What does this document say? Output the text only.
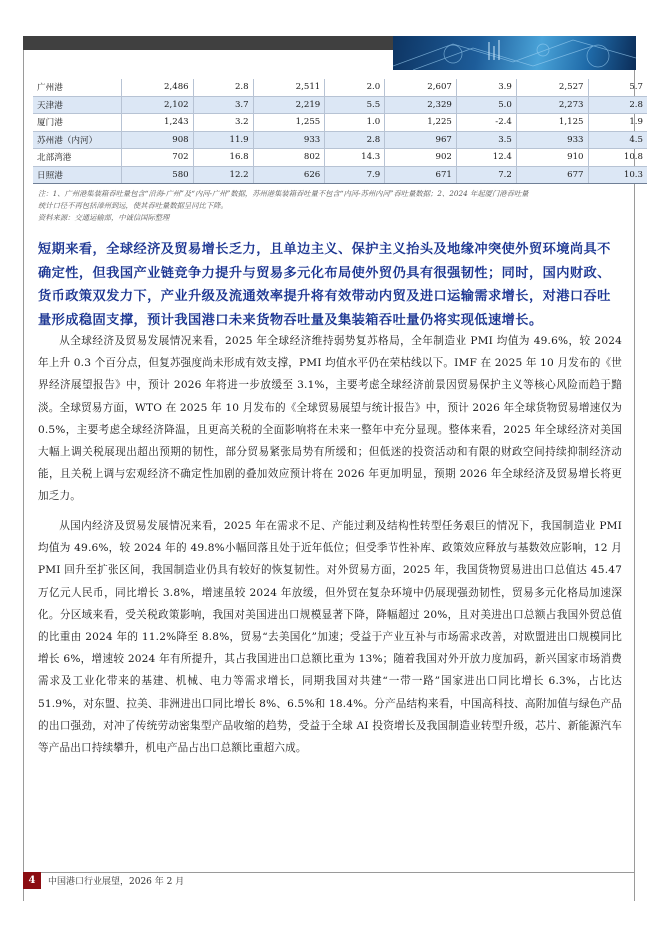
广州港	2,486	2.8	2,511	2.0	2,607	3.9	2,527	5.7
天津港	2,102	3.7	2,219	5.5	2,329	5.0	2,273	2.8
厦门港	1,243	3.2	1,255	1.0	1,225	-2.4	1,125	1.9
苏州港（内河）	908	11.9	933	2.8	967	3.5	933	4.5
北部湾港	702	16.8	802	14.3	902	12.4	910	10.8
日照港	580	12.2	626	7.9	671	7.2	677	10.3

注：1、广州港集装箱吞吐量包含“沿海-广州”及“内河-广州”数据，苏州港集装箱吞吐量不包含“内河-苏州内河”吞吐量数据；2、2024 年起厦门港吞吐量

统计口径不再包括漳州到远，使其吞吐量数据呈同比下降。

资料来源：交通运输部，中诚信国际整理

短期来看，全球经济及贸易增长乏力，且单边主义、保护主义抬头及地缘冲突使外贸环境尚具不确定性，但我国产业链竞争力提升与贸易多元化布局使外贸仍具有很强韧性；同时，国内财政、货币政策双发力下，产业升级及流通效率提升将有效带动内贸及进口运输需求增长，对港口吞吐量形成稳固支撑，预计我国港口未来货物吞吐量及集装箱吞吐量仍将实现低速增长。

从全球经济及贸易发展情况来看，2025 年全球经济维持弱势复苏格局，全年制造业 PMI 均值为 49.6%，较 2024 年上升 0.3 个百分点，但复苏强度尚未形成有效支撑，PMI 均值水平仍在荣枯线以下。IMF 在 2025 年 10 月发布的《世界经济展望报告》中，预计 2026 年将进一步放缓至 3.1%，主要考虑全球经济前景因贸易保护主义等核心风险而趋于黯淡。全球贸易方面，WTO 在 2025 年 10 月发布的《全球贸易展望与统计报告》中，预计 2026 年全球货物贸易增速仅为 0.5%，主要考虑全球经济降温，且更高关税的全面影响将在未来一整年中充分显现。整体来看，2025 年全球经济对美国大幅上调关税展现出超出预期的韧性，部分贸易紧张局势有所缓和；但低迷的投资活动和有限的财政空间持续抑制经济动能，且关税上调与宏观经济不确定性加剧的叠加效应预计将在 2026 年更加明显，预期 2026 年全球经济及贸易增长将更加乏力。

从国内经济及贸易发展情况来看，2025 年在需求不足、产能过剩及结构性转型任务艰巨的情况下，我国制造业 PMI 均值为 49.6%，较 2024 年的 49.8%小幅回落且处于近年低位；但受季节性补库、政策效应释放与基数效应影响，12 月 PMI 回升至扩张区间，我国制造业仍具有较好的恢复韧性。对外贸易方面，2025 年，我国货物贸易进出口总值达 45.47 万亿元人民币，同比增长 3.8%，增速虽较 2024 年放缓，但外贸在复杂环境中仍展现强劲韧性，贸易多元化格局加速深化。分区域来看，受关税政策影响，我国对美国进出口规模显著下降，降幅超过 20%，且对美进出口总额占我国外贸总值的比重由 2024 年的 11.2%降至 8.8%，贸易“去美国化”加速；受益于产业互补与市场需求改善，对欧盟进出口规模同比增长 6%，增速较 2024 年有所提升，其占我国进出口总额比重为 13%；随着我国对外开放力度加码，新兴国家市场消费需求及工业化带来的基建、机械、电力等需求增长，同期我国对共建“一带一路”国家进出口同比增长 6.3%，占比达 51.9%，对东盟、拉美、非洲进出口同比增长 8%、6.5%和 18.4%。分产品结构来看，中国高科技、高附加值与绿色产品的出口强劲，对冲了传统劳动密集型产品收缩的趋势，受益于全球 AI 投资增长及我国制造业转型升级，芯片、新能源汽车等产品出口持续攀升，机电产品占出口总额比重超六成。

4	中国港口行业展望，2026 年 2 月
